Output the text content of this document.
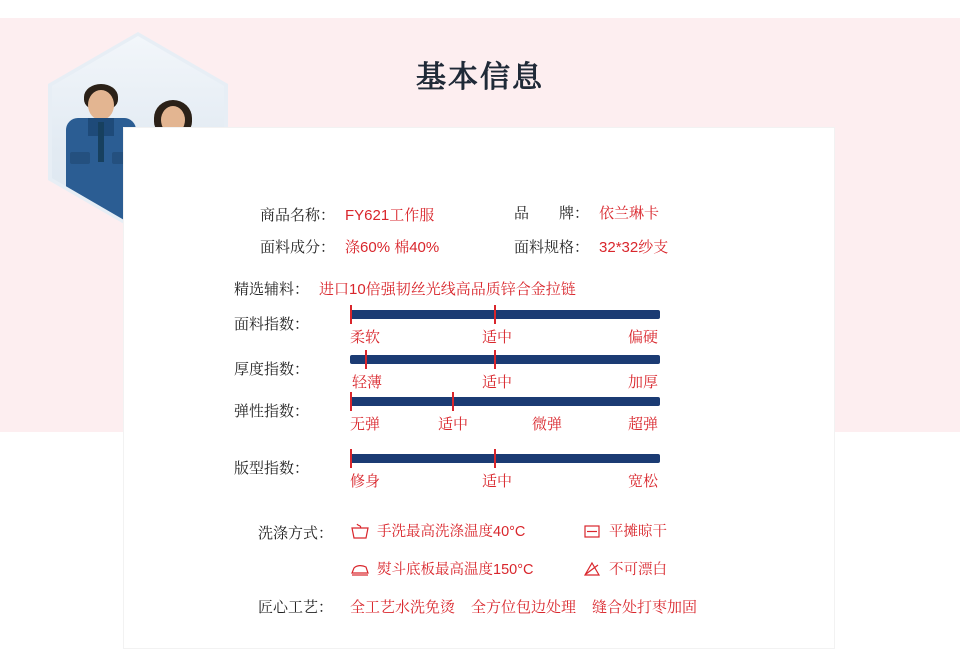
基本信息
商品名称： FY621工作服	品　　牌： 依兰琳卡
面料成分： 涤60% 棉40%	面料规格： 32*32纱支
精选辅料： 进口10倍强韧丝光线高品质锌合金拉链
面料指数：
柔软	适中	偏硬
厚度指数：
轻薄	适中	加厚
弹性指数：
无弹	适中	微弹	超弹
版型指数：
修身	适中	宽松
洗涤方式：	手洗最高洗涤温度40°C	平摊晾干
熨斗底板最高温度150°C	不可漂白
匠心工艺： 全工艺水洗免烫 全方位包边处理 缝合处打枣加固
